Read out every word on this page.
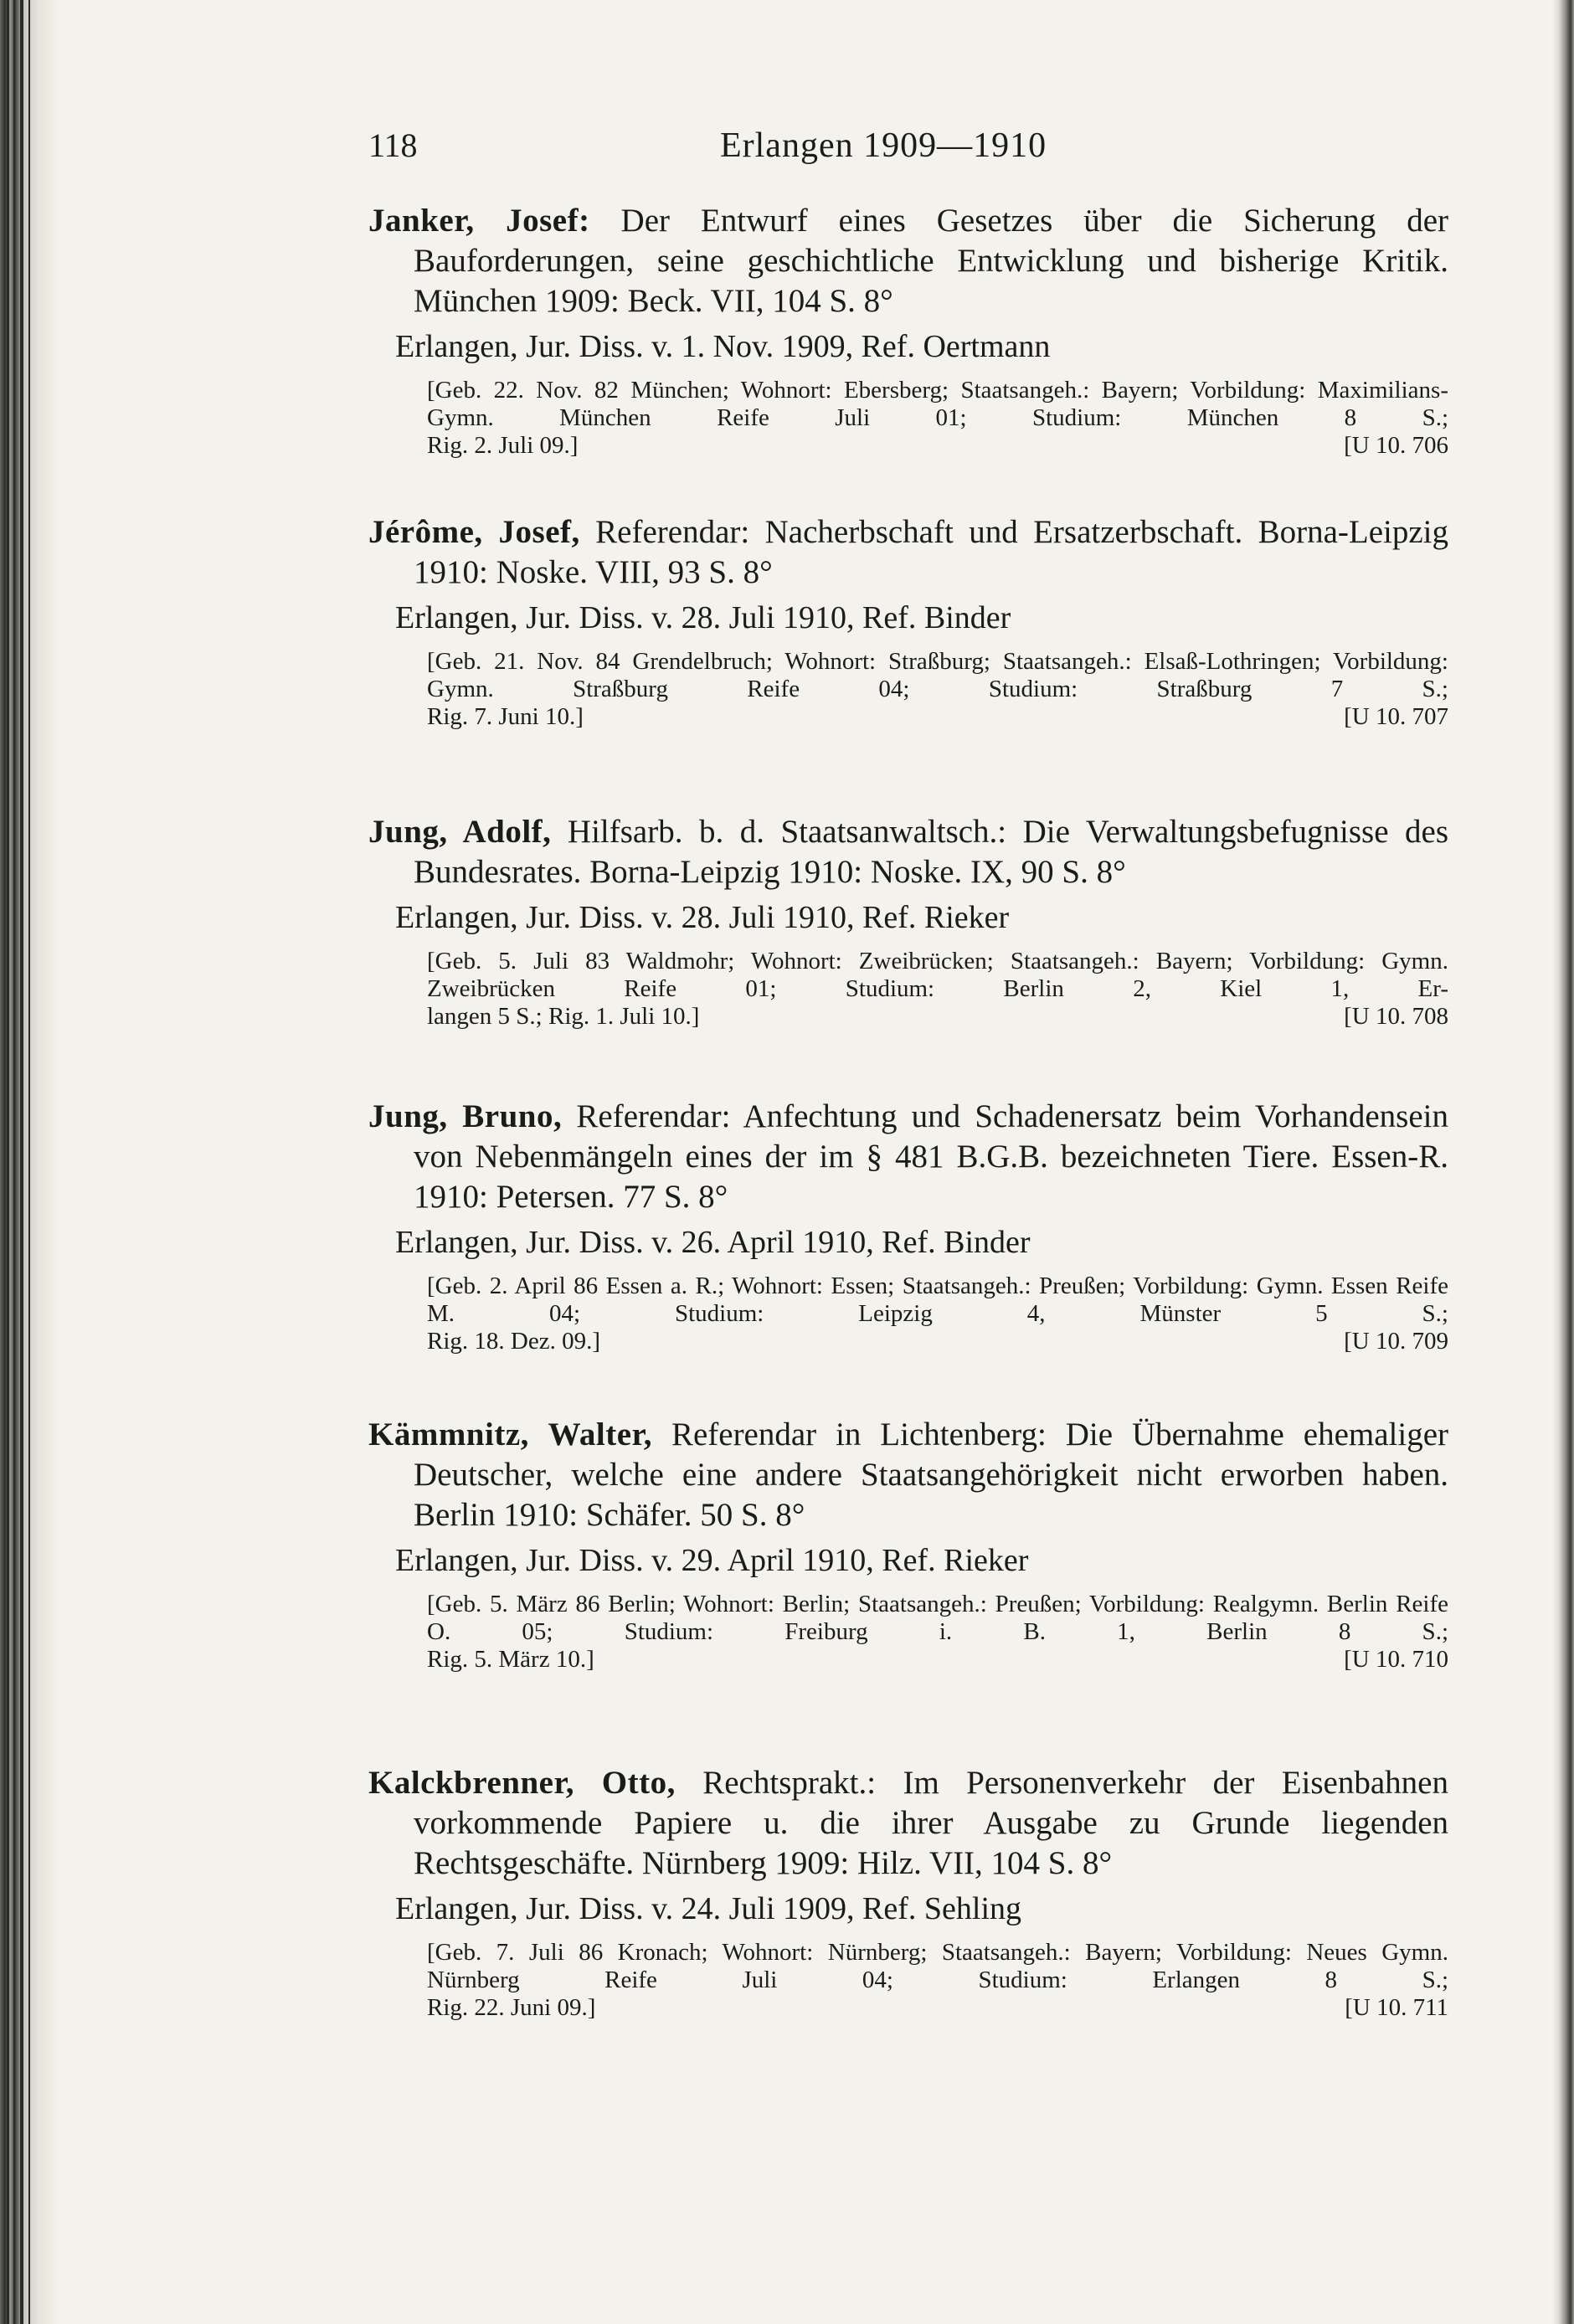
118	Erlangen 1909—1910

Janker, Josef: Der Entwurf eines Gesetzes über die Sicherung der Bauforderungen, seine geschichtliche Entwicklung und bisherige Kritik. München 1909: Beck. VII, 104 S. 8°

Erlangen, Jur. Diss. v. 1. Nov. 1909, Ref. Oertmann
[Geb. 22. Nov. 82 München; Wohnort: Ebersberg; Staatsangeh.: Bayern; Vorbildung: Maximilians-Gymn. München Reife Juli 01; Studium: München 8 S.;
Rig. 2. Juli 09.]	[U 10. 706

Jérôme, Josef, Referendar: Nacherbschaft und Ersatzerbschaft. Borna-Leipzig 1910: Noske. VIII, 93 S. 8°

Erlangen, Jur. Diss. v. 28. Juli 1910, Ref. Binder
[Geb. 21. Nov. 84 Grendelbruch; Wohnort: Straßburg; Staatsangeh.: Elsaß-Lothringen; Vorbildung: Gymn. Straßburg Reife 04; Studium: Straßburg 7 S.;
Rig. 7. Juni 10.]	[U 10. 707

Jung, Adolf, Hilfsarb. b. d. Staatsanwaltsch.: Die Verwaltungsbefugnisse des Bundesrates. Borna-Leipzig 1910: Noske. IX, 90 S. 8°

Erlangen, Jur. Diss. v. 28. Juli 1910, Ref. Rieker
[Geb. 5. Juli 83 Waldmohr; Wohnort: Zweibrücken; Staatsangeh.: Bayern; Vorbildung: Gymn. Zweibrücken Reife 01; Studium: Berlin 2, Kiel 1, Er-
langen 5 S.; Rig. 1. Juli 10.]	[U 10. 708

Jung, Bruno, Referendar: Anfechtung und Schadenersatz beim Vorhandensein von Nebenmängeln eines der im § 481 B.G.B. bezeichneten Tiere. Essen-R. 1910: Petersen. 77 S. 8°

Erlangen, Jur. Diss. v. 26. April 1910, Ref. Binder
[Geb. 2. April 86 Essen a. R.; Wohnort: Essen; Staatsangeh.: Preußen; Vorbildung: Gymn. Essen Reife M. 04; Studium: Leipzig 4, Münster 5 S.;
Rig. 18. Dez. 09.]	[U 10. 709

Kämmnitz, Walter, Referendar in Lichtenberg: Die Übernahme ehemaliger Deutscher, welche eine andere Staatsangehörigkeit nicht erworben haben. Berlin 1910: Schäfer. 50 S. 8°

Erlangen, Jur. Diss. v. 29. April 1910, Ref. Rieker
[Geb. 5. März 86 Berlin; Wohnort: Berlin; Staatsangeh.: Preußen; Vorbildung: Realgymn. Berlin Reife O. 05; Studium: Freiburg i. B. 1, Berlin 8 S.;
Rig. 5. März 10.]	[U 10. 710

Kalckbrenner, Otto, Rechtsprakt.: Im Personenverkehr der Eisenbahnen vorkommende Papiere u. die ihrer Ausgabe zu Grunde liegenden Rechtsgeschäfte. Nürnberg 1909: Hilz. VII, 104 S. 8°

Erlangen, Jur. Diss. v. 24. Juli 1909, Ref. Sehling
[Geb. 7. Juli 86 Kronach; Wohnort: Nürnberg; Staatsangeh.: Bayern; Vorbildung: Neues Gymn. Nürnberg Reife Juli 04; Studium: Erlangen 8 S.;
Rig. 22. Juni 09.]	[U 10. 711
